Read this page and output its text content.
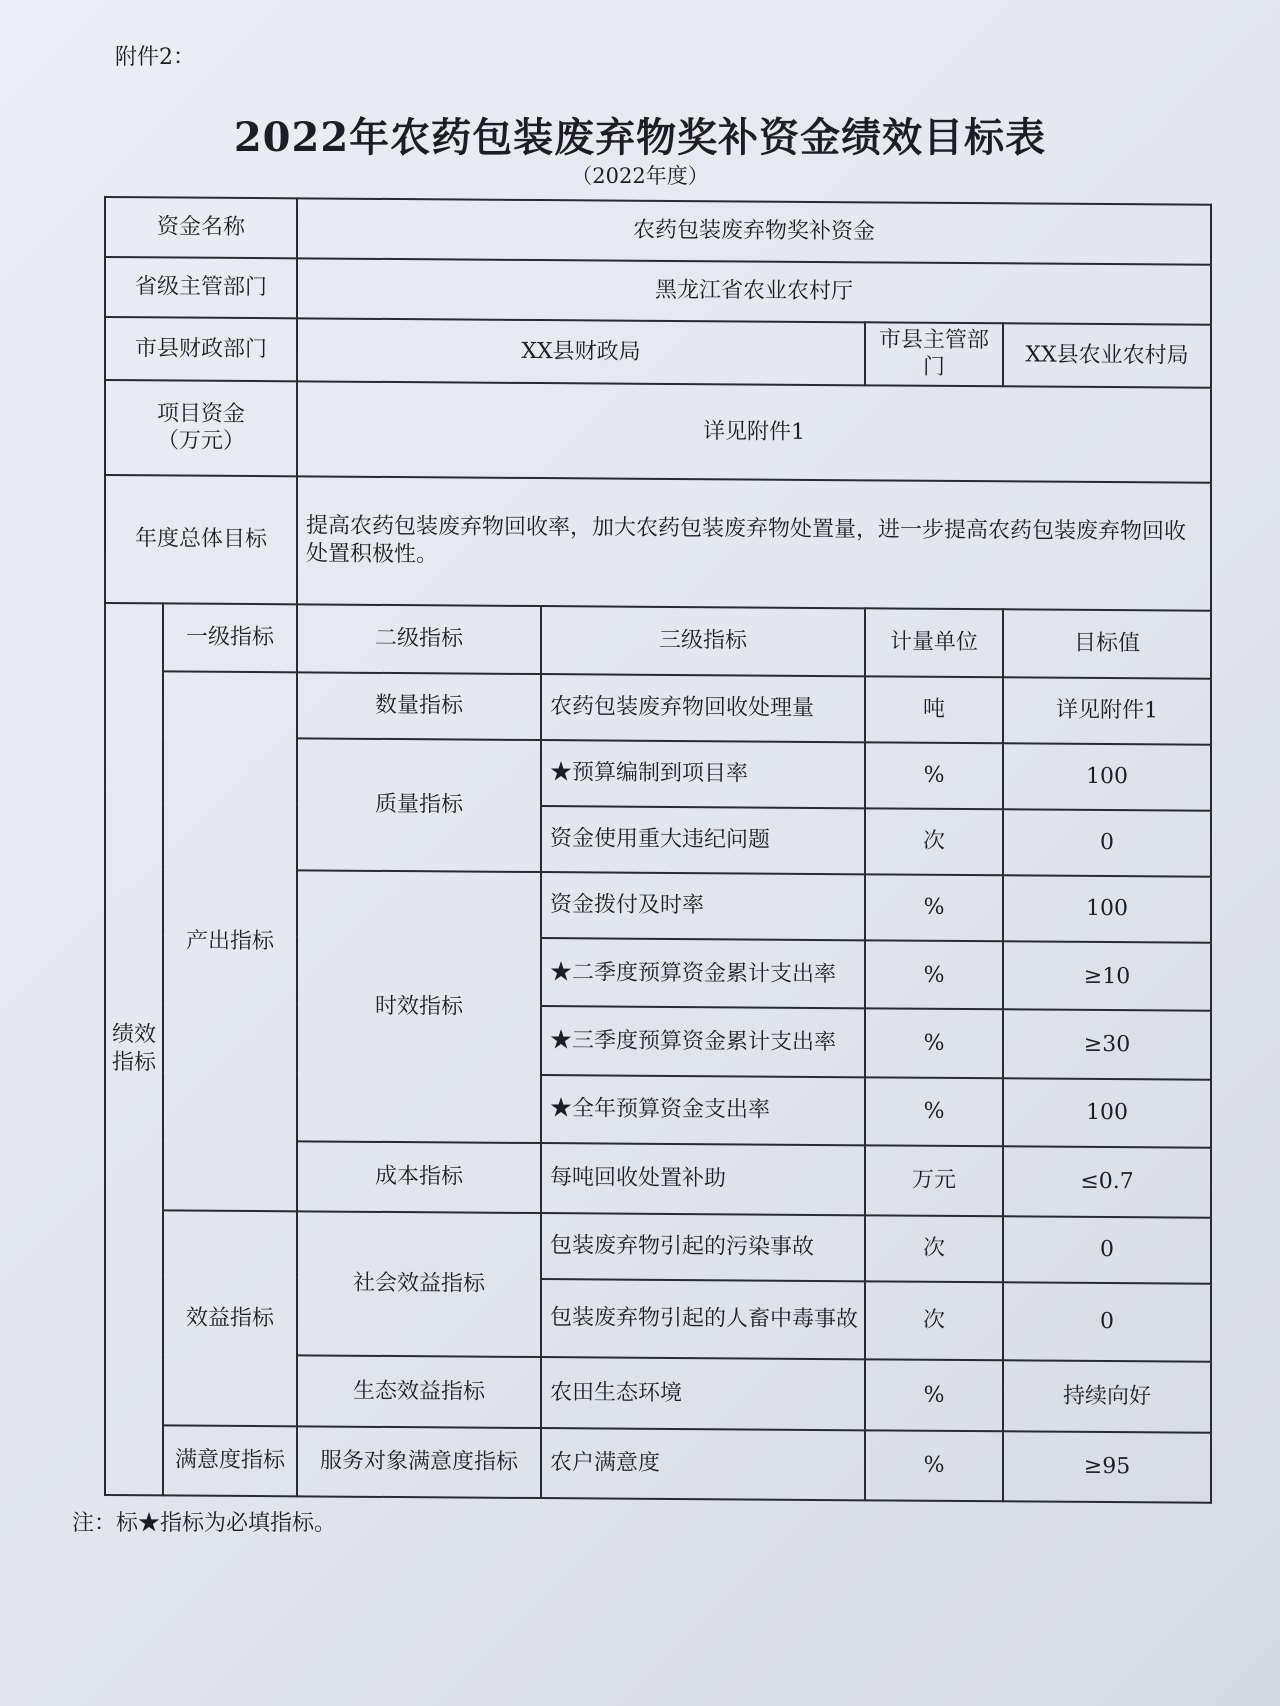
附件2：
2022年农药包装废弃物奖补资金绩效目标表
（2022年度）
资金名称		农药包装废弃物奖补资金			
省级主管部门		黑龙江省农业农村厅			
市县财政部门		XX县财政局		市县主管部门	XX县农业农村局
项目资金
（万元）		详见附件1			
年度总体目标		提高农药包装废弃物回收率，加大农药包装废弃物处置量，进一步提高农药包装废弃物回收处置积极性。			
绩效
指标	一级指标	二级指标	三级指标	计量单位	目标值
	产出指标	数量指标	农药包装废弃物回收处理量	吨	详见附件1
		质量指标	★预算编制到项目率	%	100
			资金使用重大违纪问题	次	0
		时效指标	资金拨付及时率	%	100
			★二季度预算资金累计支出率	%	≥10
			★三季度预算资金累计支出率	%	≥30
			★全年预算资金支出率	%	100
		成本指标	每吨回收处置补助	万元	≤0.7
	效益指标	社会效益指标	包装废弃物引起的污染事故	次	0
			包装废弃物引起的人畜中毒事故	次	0
		生态效益指标	农田生态环境	%	持续向好
	满意度指标	服务对象满意度指标	农户满意度	%	≥95
注：标★指标为必填指标。
